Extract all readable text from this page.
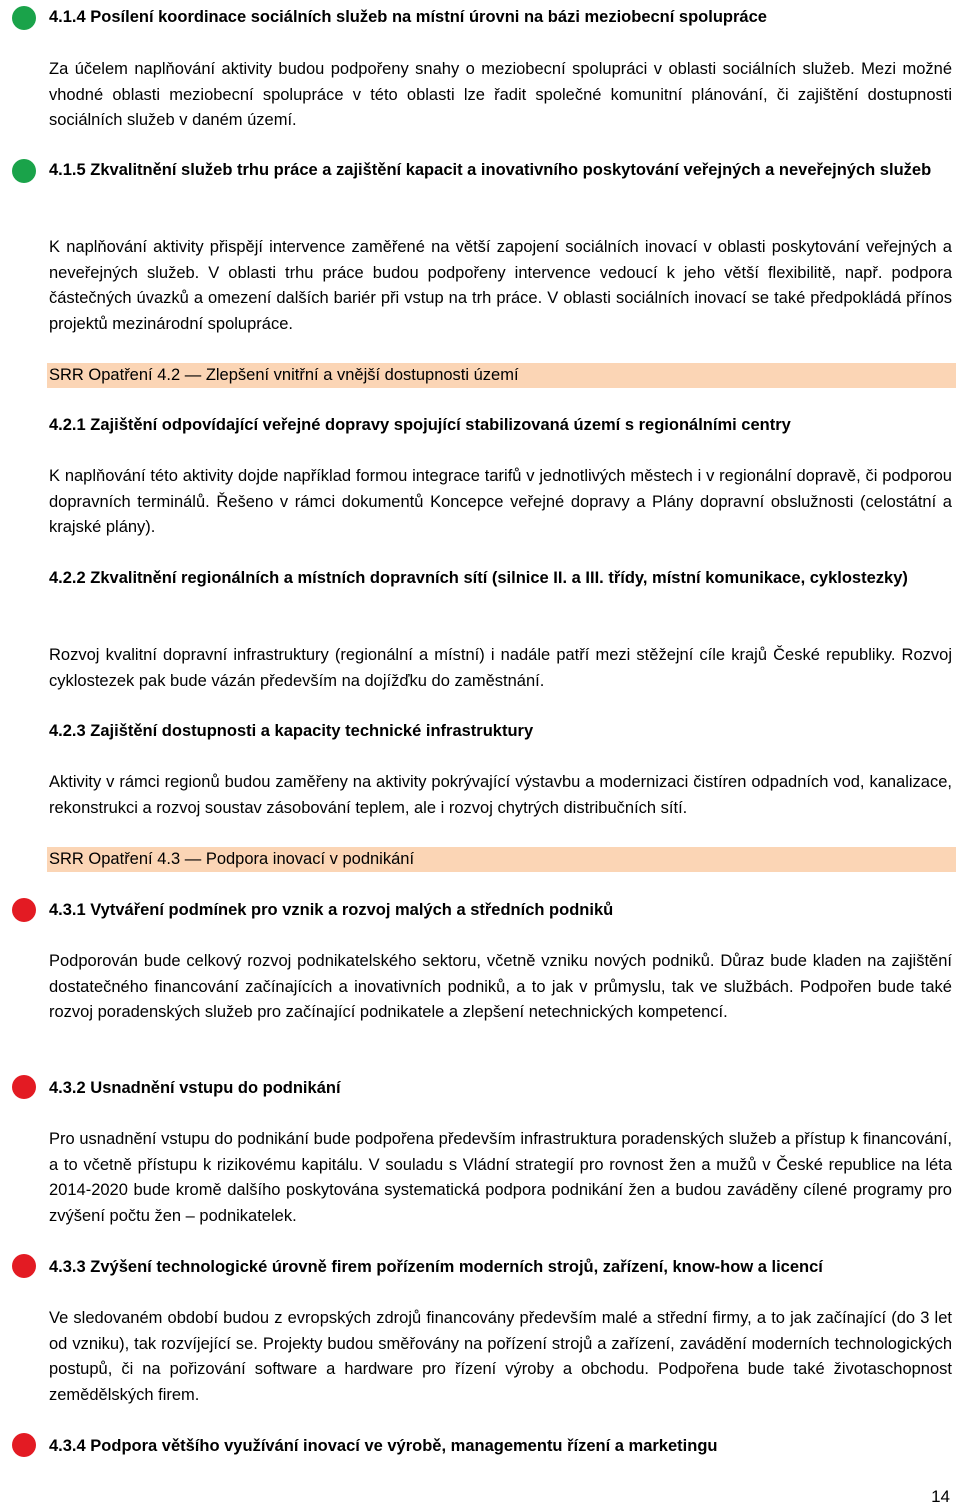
4.1.4 Posílení koordinace sociálních služeb na místní úrovni na bázi meziobecní spolupráce
Za účelem naplňování aktivity budou podpořeny snahy o meziobecní spolupráci v oblasti sociálních služeb. Mezi možné vhodné oblasti meziobecní spolupráce v této oblasti lze řadit společné komunitní plánování, či zajištění dostupnosti sociálních služeb v daném území.
4.1.5 Zkvalitnění služeb trhu práce a zajištění kapacit a inovativního poskytování veřejných a neveřejných služeb
K naplňování aktivity přispějí intervence zaměřené na větší zapojení sociálních inovací v oblasti poskytování veřejných a neveřejných služeb. V oblasti trhu práce budou podpořeny intervence vedoucí k jeho větší flexibilitě, např. podpora částečných úvazků a omezení dalších bariér při vstup na trh práce. V oblasti sociálních inovací se také předpokládá přínos projektů mezinárodní spolupráce.
SRR Opatření 4.2 — Zlepšení vnitřní a vnější dostupnosti území
4.2.1 Zajištění odpovídající veřejné dopravy spojující stabilizovaná území s regionálními centry
K naplňování této aktivity dojde například formou integrace tarifů v jednotlivých městech i v regionální dopravě, či podporou dopravních terminálů. Řešeno v rámci dokumentů Koncepce veřejné dopravy a Plány dopravní obslužnosti (celostátní a krajské plány).
4.2.2 Zkvalitnění regionálních a místních dopravních sítí (silnice II. a III. třídy, místní komunikace, cyklostezky)
Rozvoj kvalitní dopravní infrastruktury (regionální a místní) i nadále patří mezi stěžejní cíle krajů České republiky. Rozvoj cyklostezek pak bude vázán především na dojížďku do zaměstnání.
4.2.3 Zajištění dostupnosti a kapacity technické infrastruktury
Aktivity v rámci regionů budou zaměřeny na aktivity pokrývající výstavbu a modernizaci čistíren odpadních vod, kanalizace, rekonstrukci a rozvoj soustav zásobování teplem, ale i rozvoj chytrých distribučních sítí.
SRR Opatření 4.3 — Podpora inovací v podnikání
4.3.1 Vytváření podmínek pro vznik a rozvoj malých a středních podniků
Podporován bude celkový rozvoj podnikatelského sektoru, včetně vzniku nových podniků. Důraz bude kladen na zajištění dostatečného financování začínajících a inovativních podniků, a to jak v průmyslu, tak ve službách. Podpořen bude také rozvoj poradenských služeb pro začínající podnikatele a zlepšení netechnických kompetencí.
4.3.2 Usnadnění vstupu do podnikání
Pro usnadnění vstupu do podnikání bude podpořena především infrastruktura poradenských služeb a přístup k financování, a to včetně přístupu k rizikovému kapitálu. V souladu s Vládní strategií pro rovnost žen a mužů v České republice na léta 2014-2020 bude kromě dalšího poskytována systematická podpora podnikání žen a budou zaváděny cílené programy pro zvýšení počtu žen – podnikatelek.
4.3.3 Zvýšení technologické úrovně firem pořízením moderních strojů, zařízení, know-how a licencí
Ve sledovaném období budou z evropských zdrojů financovány především malé a střední firmy, a to jak začínající (do 3 let od vzniku), tak rozvíjející se. Projekty budou směřovány na pořízení strojů a zařízení, zavádění moderních technologických postupů, či na pořizování software a hardware pro řízení výroby a obchodu. Podpořena bude také životaschopnost zemědělských firem.
4.3.4 Podpora většího využívání inovací ve výrobě, managementu řízení a marketingu
14
